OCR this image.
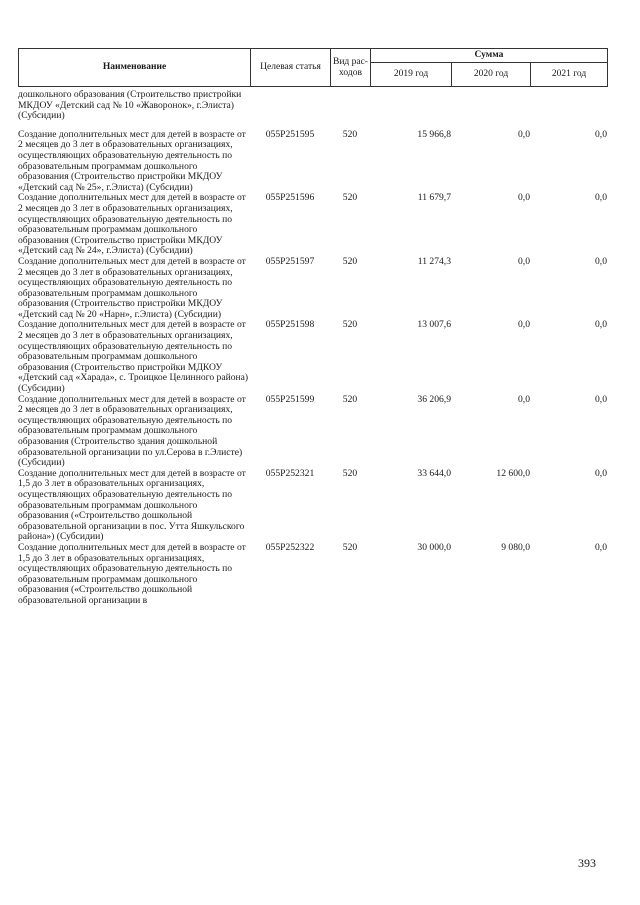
Наименование	Целевая статья	Вид рас-ходов	Сумма		
			2019 год	2020 год	2021 год
дошкольного образования (Строительство пристройки МКДОУ «Детский сад № 10 «Жаворонок», г.Элиста) (Субсидии)					
Создание дополнительных мест для детей в возрасте от 2 месяцев до 3 лет в образовательных организациях, осуществляющих образовательную деятельность по образовательным программам дошкольного образования (Строительство пристройки МКДОУ «Детский сад № 25», г.Элиста) (Субсидии)	055P251595	520	15 966,8	0,0	0,0
Создание дополнительных мест для детей в возрасте от 2 месяцев до 3 лет в образовательных организациях, осуществляющих образовательную деятельность по образовательным программам дошкольного образования (Строительство пристройки МКДОУ «Детский сад № 24», г.Элиста) (Субсидии)	055P251596	520	11 679,7	0,0	0,0
Создание дополнительных мест для детей в возрасте от 2 месяцев до 3 лет в образовательных организациях, осуществляющих образовательную деятельность по образовательным программам дошкольного образования (Строительство пристройки МКДОУ «Детский сад № 20 «Нарн», г.Элиста) (Субсидии)	055P251597	520	11 274,3	0,0	0,0
Создание дополнительных мест для детей в возрасте от 2 месяцев до 3 лет в образовательных организациях, осуществляющих образовательную деятельность по образовательным программам дошкольного образования (Строительство пристройки МДКОУ «Детский сад «Харада», с. Троицкое Целинного района) (Субсидии)	055P251598	520	13 007,6	0,0	0,0
Создание дополнительных мест для детей в возрасте от 2 месяцев до 3 лет в образовательных организациях, осуществляющих образовательную деятельность по образовательным программам дошкольного образования (Строительство здания дошкольной образовательной организации по ул.Серова в г.Элисте) (Субсидии)	055P251599	520	36 206,9	0,0	0,0
Создание дополнительных мест для детей в возрасте от 1,5 до 3 лет в образовательных организациях, осуществляющих образовательную деятельность по образовательным программам дошкольного образования («Строительство дошкольной образовательной организации в пос. Утта Яшкульского района») (Субсидии)	055P252321	520	33 644,0	12 600,0	0,0
Создание дополнительных мест для детей в возрасте от 1,5 до 3 лет в образовательных организациях, осуществляющих образовательную деятельность по образовательным программам дошкольного образования («Строительство дошкольной образовательной организации в	055P252322	520	30 000,0	9 080,0	0,0
393
